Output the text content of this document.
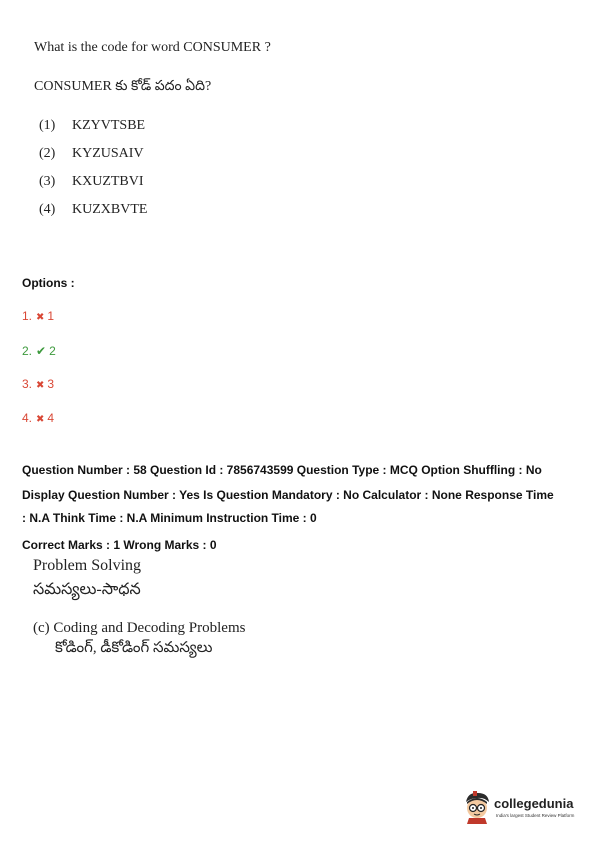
What is the code for word CONSUMER ?
CONSUMER కు కోడ్ పదం ఏది?
(1) KZYVTSBE
(2) KYZUSAIV
(3) KXUZTBVI
(4) KUZXBVTE
Options :
1. ✖ 1
2. ✔ 2
3. ✖ 3
4. ✖ 4
Question Number : 58 Question Id : 7856743599 Question Type : MCQ Option Shuffling : No
Display Question Number : Yes Is Question Mandatory : No Calculator : None Response Time
: N.A Think Time : N.A Minimum Instruction Time : 0
Correct Marks : 1 Wrong Marks : 0
Problem Solving
సమస్యలు-సాధన
(c) Coding and Decoding Problems
కోడింగ్, డీకోడింగ్ సమస్యలు
collegedunia
India's largest Student Review Platform
